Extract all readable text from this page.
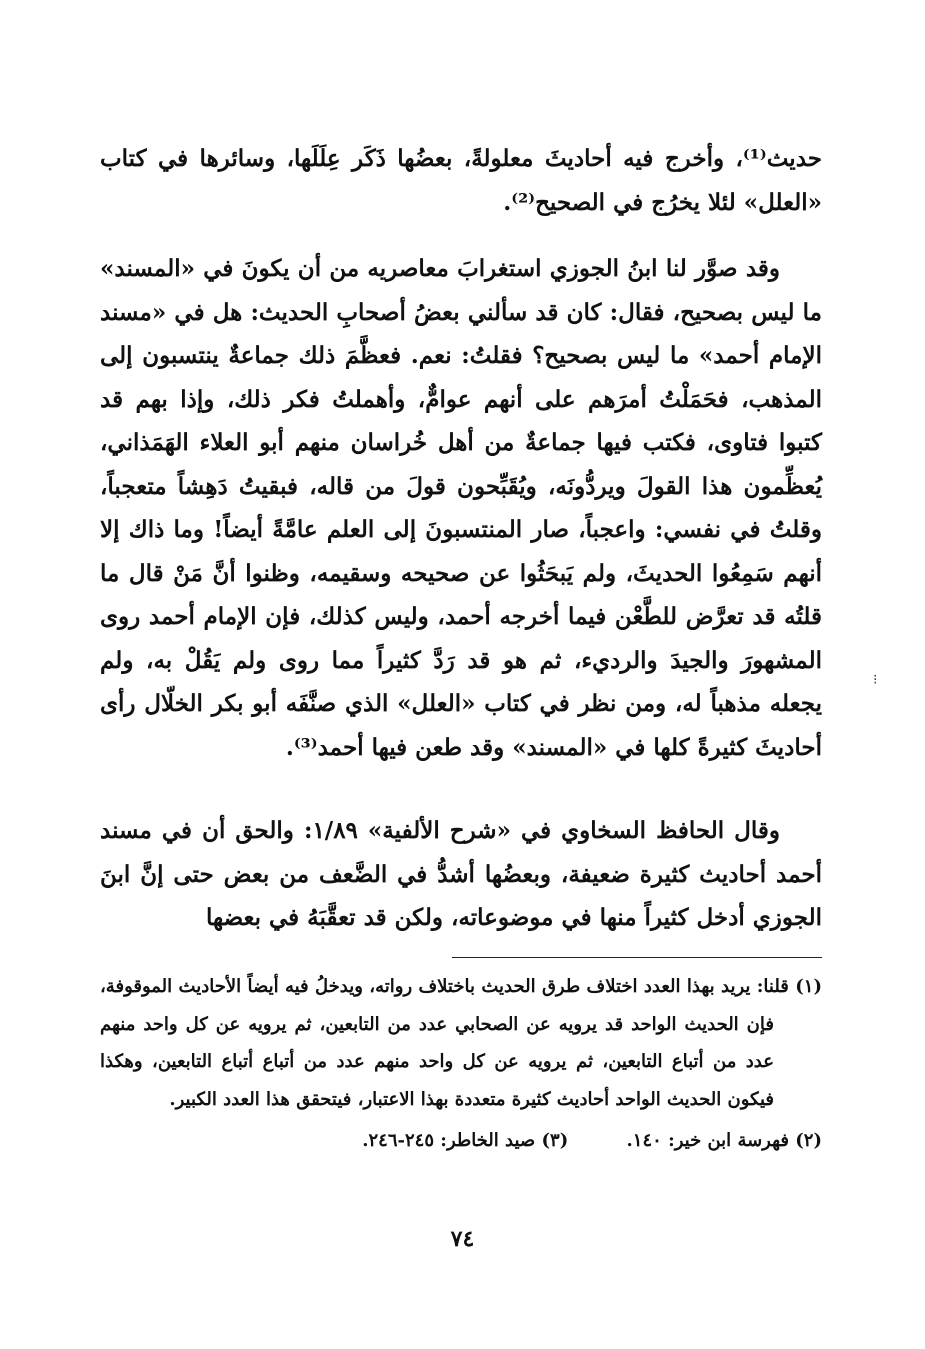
حديث⁽¹⁾، وأخرج فيه أحاديثَ معلولةً، بعضُها ذَكَر عِلَلَها، وسائرها في كتاب «العلل» لئلا يخرُج في الصحيح⁽²⁾.

وقد صوَّر لنا ابنُ الجوزي استغرابَ معاصريه من أن يكونَ في «المسند» ما ليس بصحيح، فقال: كان قد سألني بعضُ أصحابِ الحديث: هل في «مسند الإمام أحمد» ما ليس بصحيح؟ فقلتُ: نعم. فعظَّمَ ذلك جماعةٌ ينتسبون إلى المذهب، فحَمَلْتُ أمرَهم على أنهم عوامٌّ، وأهملتُ فكر ذلك، وإذا بهم قد كتبوا فتاوى، فكتب فيها جماعةٌ من أهل خُراسان منهم أبو العلاء الهَمَذاني، يُعظِّمون هذا القولَ ويردُّونَه، ويُقَبِّحون قولَ من قاله، فبقيتُ دَهِشاً متعجباً، وقلتُ في نفسي: واعجباً، صار المنتسبونَ إلى العلم عامَّةً أيضاً! وما ذاك إلا أنهم سَمِعُوا الحديثَ، ولم يَبحَثُوا عن صحيحه وسقيمه، وظنوا أنَّ مَنْ قال ما قلتُه قد تعرَّض للطَّعْن فيما أخرجه أحمد، وليس كذلك، فإن الإمام أحمد روى المشهورَ والجيدَ والرديء، ثم هو قد رَدَّ كثيراً مما روى ولم يَقُلْ به، ولم يجعله مذهباً له، ومن نظر في كتاب «العلل» الذي صنَّفَه أبو بكر الخلّال رأى أحاديثَ كثيرةً كلها في «المسند» وقد طعن فيها أحمد⁽³⁾.

وقال الحافظ السخاوي في «شرح الألفية» ١/٨٩: والحق أن في مسند أحمد أحاديث كثيرة ضعيفة، وبعضُها أشدُّ في الضَّعف من بعض حتى إنَّ ابنَ الجوزي أدخل كثيراً منها في موضوعاته، ولكن قد تعقَّبَهُ في بعضها

(١) قلنا: يريد بهذا العدد اختلاف طرق الحديث باختلاف رواته، ويدخلُ فيه أيضاً الأحاديث الموقوفة، فإن الحديث الواحد قد يرويه عن الصحابي عدد من التابعين، ثم يرويه عن كل واحد منهم عدد من أتباع التابعين، ثم يرويه عن كل واحد منهم عدد من أتباع أتباع التابعين، وهكذا فيكون الحديث الواحد أحاديث كثيرة متعددة بهذا الاعتبار، فيتحقق هذا العدد الكبير.

(٢) فهرسة ابن خير: ١٤٠. (٣) صيد الخاطر: ٢٤٥-٢٤٦.

٧٤
⁝
